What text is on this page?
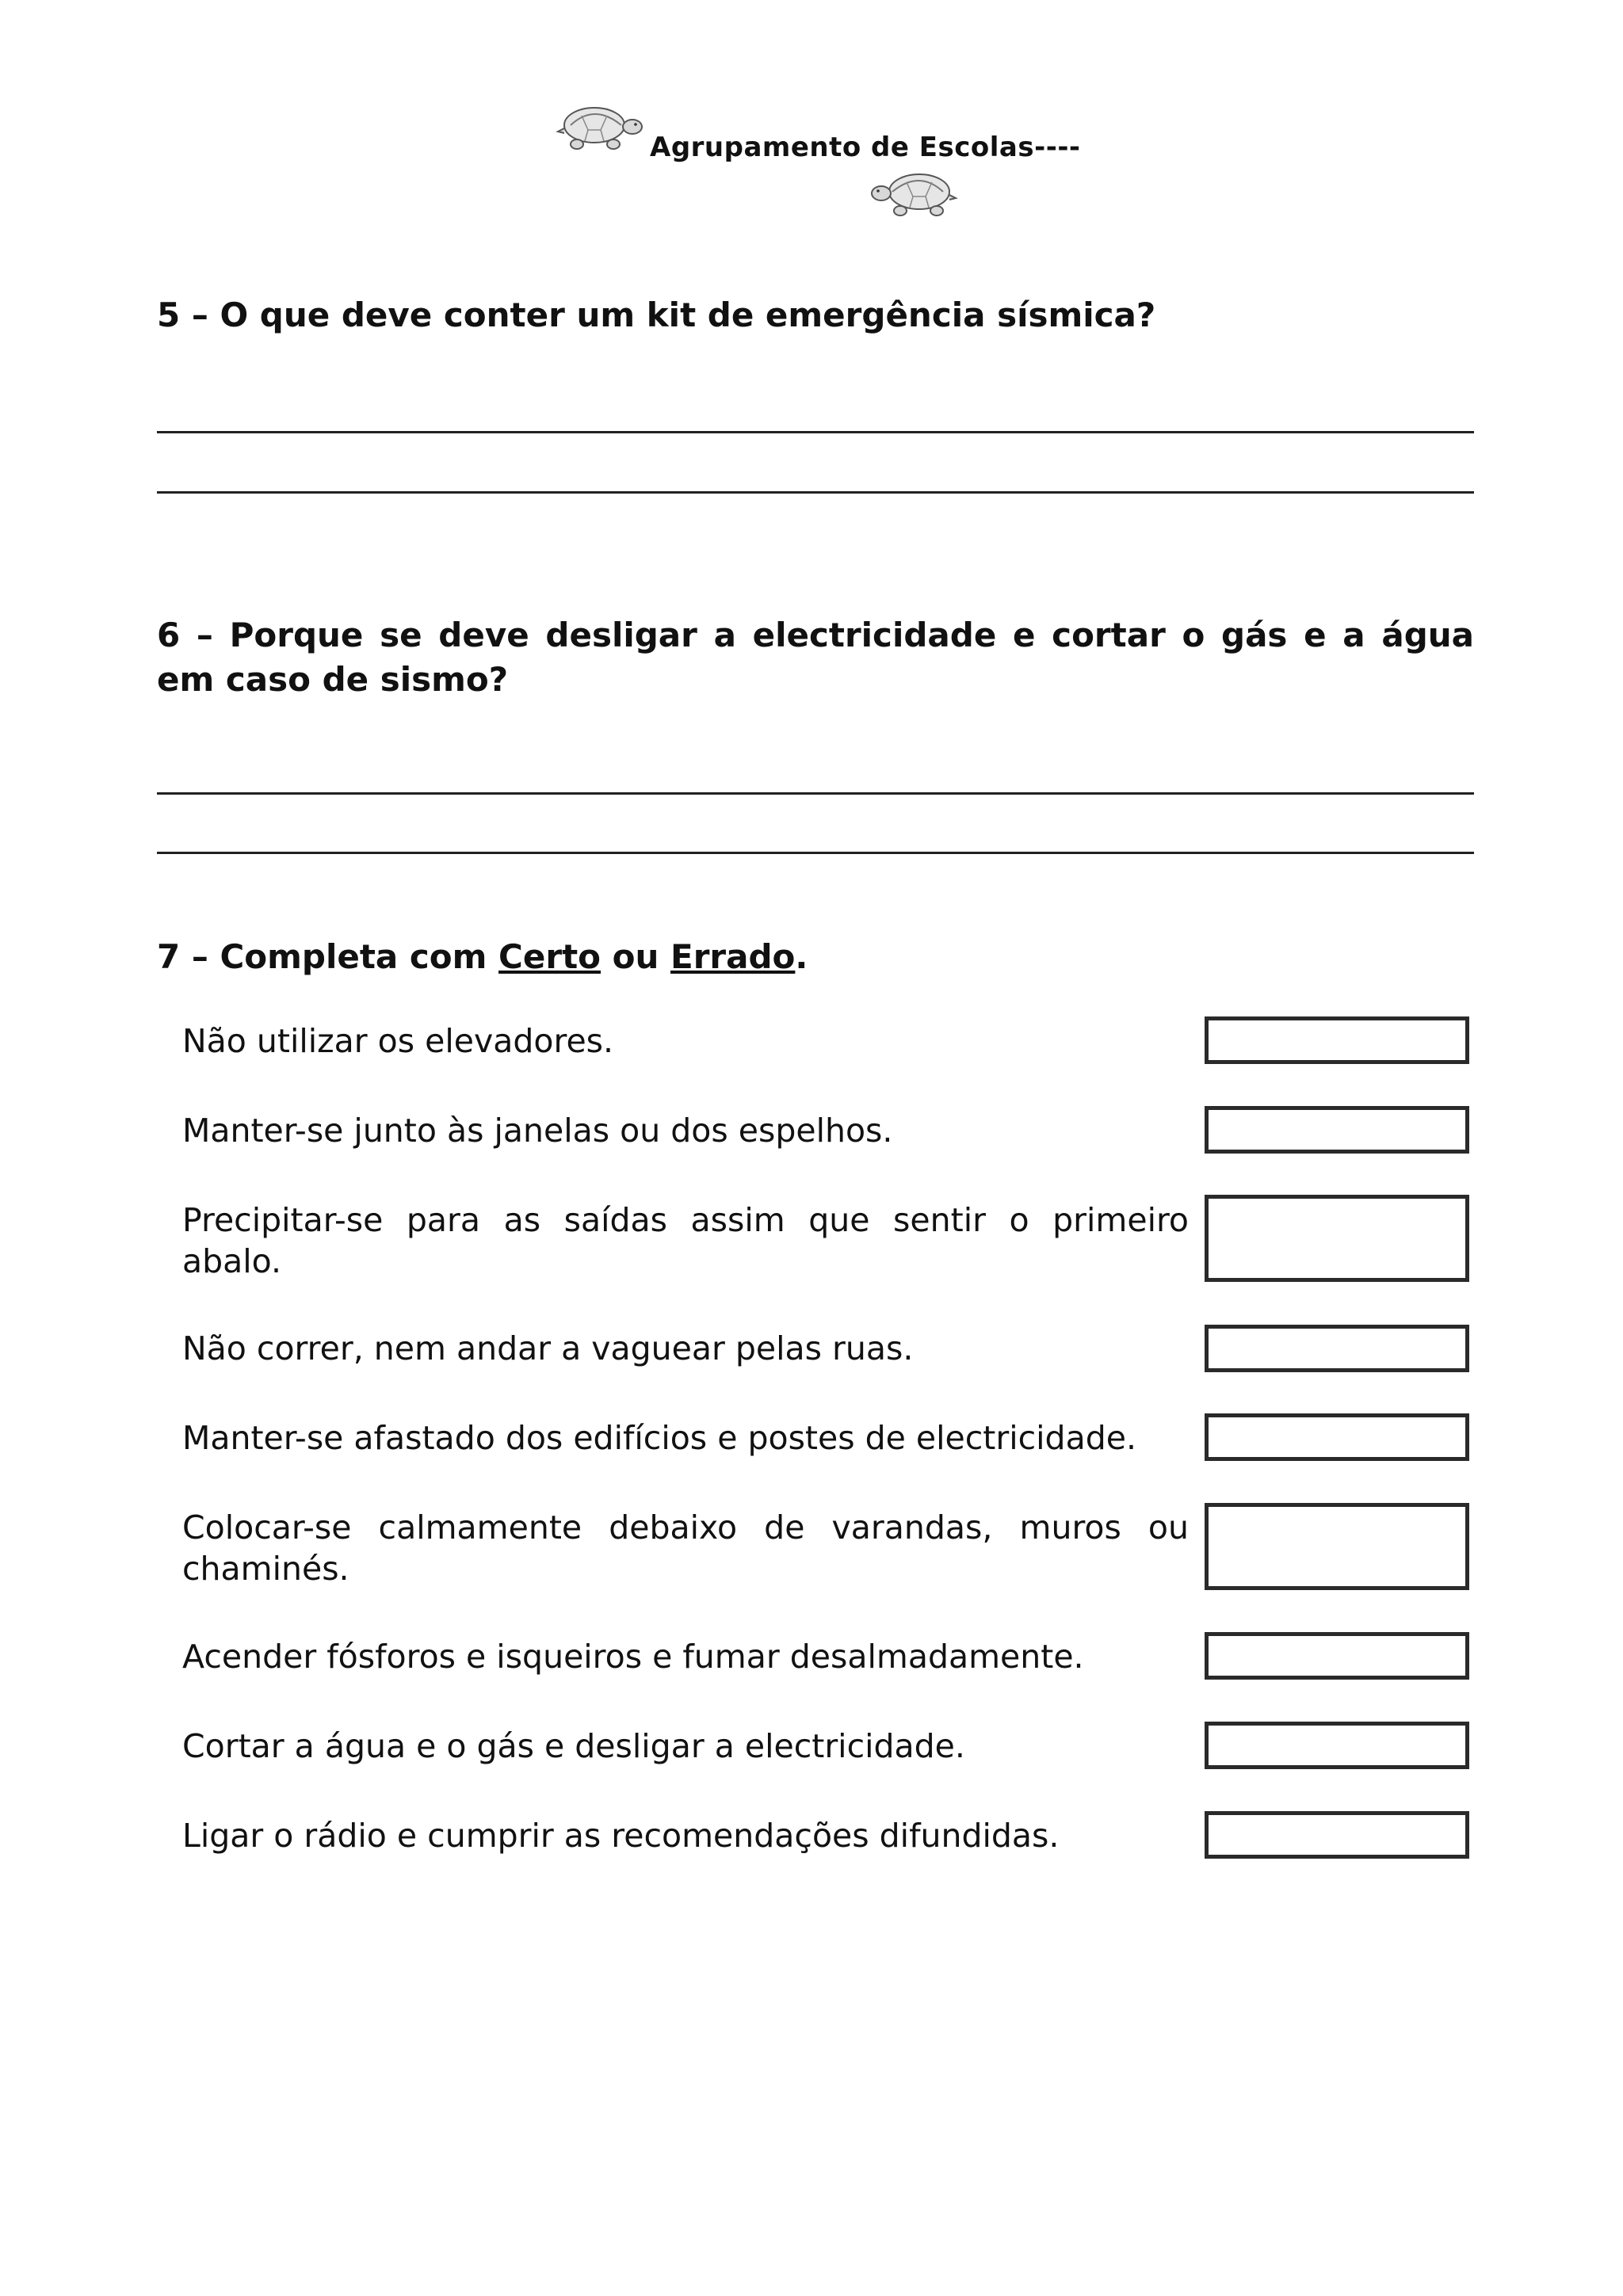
Agrupamento de Escolas----
5 – O que deve conter um kit de emergência sísmica?
6 – Porque se deve desligar a electricidade e cortar o gás e a água em caso de sismo?
7 – Completa com Certo ou Errado.
Não utilizar os elevadores.
Manter-se junto às janelas ou dos espelhos.
Precipitar-se para as saídas assim que sentir o primeiro abalo.
Não correr, nem andar a vaguear pelas ruas.
Manter-se afastado dos edifícios e postes de electricidade.
Colocar-se calmamente debaixo de varandas, muros ou chaminés.
Acender fósforos e isqueiros e fumar desalmadamente.
Cortar a água e o gás e desligar a electricidade.
Ligar o rádio e cumprir as recomendações difundidas.
